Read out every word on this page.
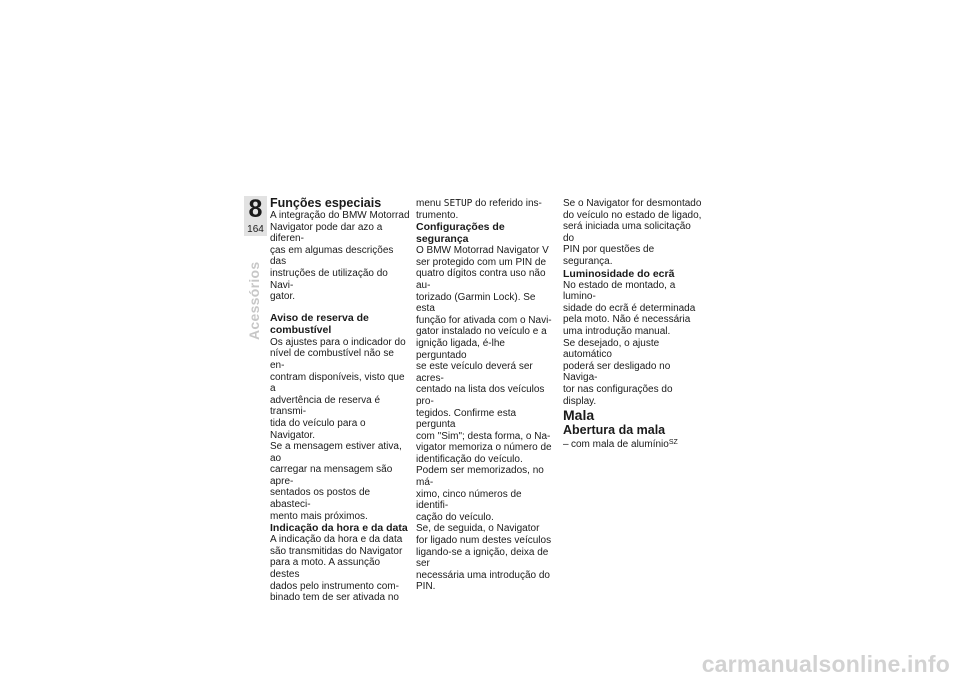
8
164
Acessórios

Funções especiais

A integração do BMW Motorrad

Navigator pode dar azo a diferen-

ças em algumas descrições das

instruções de utilização do Navi-

gator.

Aviso de reserva de

combustível

Os ajustes para o indicador do

nível de combustível não se en-

contram disponíveis, visto que a

advertência de reserva é transmi-

tida do veículo para o Navigator.

Se a mensagem estiver ativa, ao

carregar na mensagem são apre-

sentados os postos de abasteci-

mento mais próximos.

Indicação da hora e da data

A indicação da hora e da data

são transmitidas do Navigator

para a moto. A assunção destes

dados pelo instrumento com-

binado tem de ser ativada no

menu SETUP do referido ins-

trumento.

Configurações de segurança

O BMW Motorrad Navigator V

ser protegido com um PIN de

quatro dígitos contra uso não au-

torizado (Garmin Lock). Se esta

função for ativada com o Navi-

gator instalado no veículo e a

ignição ligada, é-lhe perguntado

se este veículo deverá ser acres-

centado na lista dos veículos pro-

tegidos. Confirme esta pergunta

com "Sim"; desta forma, o Na-

vigator memoriza o número de

identificação do veículo.

Podem ser memorizados, no má-

ximo, cinco números de identifi-

cação do veículo.

Se, de seguida, o Navigator

for ligado num destes veículos

ligando-se a ignição, deixa de ser

necessária uma introdução do

PIN.

Se o Navigator for desmontado

do veículo no estado de ligado,

será iniciada uma solicitação do

PIN por questões de segurança.

Luminosidade do ecrã

No estado de montado, a lumino-

sidade do ecrã é determinada

pela moto. Não é necessária

uma introdução manual.

Se desejado, o ajuste automático

poderá ser desligado no Naviga-

tor nas configurações do display.

Mala

Abertura da mala

– com mala de alumínio$^{SZ}$

carmanualsonline.info
